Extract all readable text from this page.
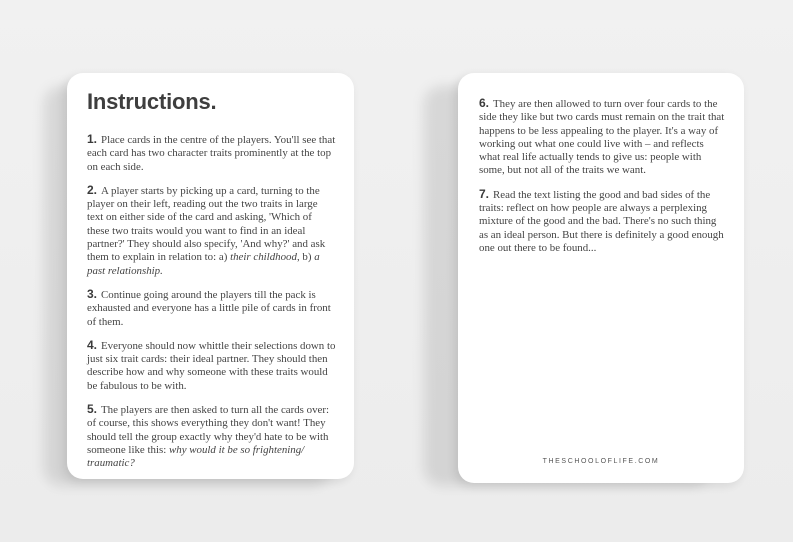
Instructions.

1. Place cards in the centre of the players. You'll see that each card has two character traits prominently at the top on each side.

2. A player starts by picking up a card, turning to the player on their left, reading out the two traits in large text on either side of the card and asking, 'Which of these two traits would you want to find in an ideal partner?' They should also specify, 'And why?' and ask them to explain in relation to: a) their childhood, b) a past relationship.

3. Continue going around the players till the pack is exhausted and everyone has a little pile of cards in front of them.

4. Everyone should now whittle their selections down to just six trait cards: their ideal partner. They should then describe how and why someone with these traits would be fabulous to be with.

5. The players are then asked to turn all the cards over: of course, this shows everything they don't want! They should tell the group exactly why they'd hate to be with someone like this: why would it be so frightening/ traumatic?

6. They are then allowed to turn over four cards to the side they like but two cards must remain on the trait that happens to be less appealing to the player. It's a way of working out what one could live with – and reflects what real life actually tends to give us: people with some, but not all of the traits we want.

7. Read the text listing the good and bad sides of the traits: reflect on how people are always a perplexing mixture of the good and the bad. There's no such thing as an ideal person. But there is definitely a good enough one out there to be found...

THESCHOOLOFLIFE.COM
